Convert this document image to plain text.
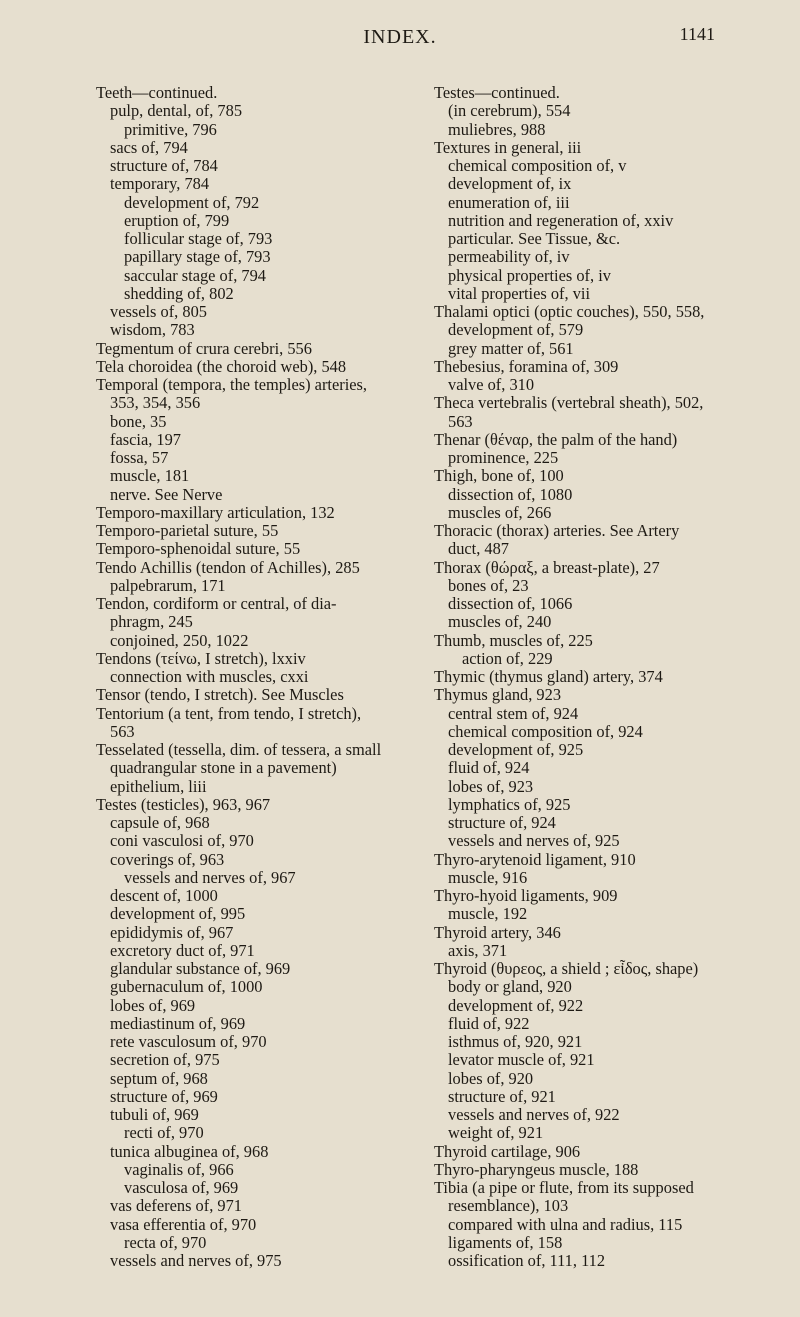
INDEX.	1141
Teeth—continued.
pulp, dental, of, 785
primitive, 796
sacs of, 794
structure of, 784
temporary, 784
development of, 792
eruption of, 799
follicular stage of, 793
papillary stage of, 793
saccular stage of, 794
shedding of, 802
vessels of, 805
wisdom, 783
Tegmentum of crura cerebri, 556
Tela choroidea (the choroid web), 548
Temporal (tempora, the temples) arteries,
353, 354, 356
bone, 35
fascia, 197
fossa, 57
muscle, 181
nerve. See Nerve
Temporo-maxillary articulation, 132
Temporo-parietal suture, 55
Temporo-sphenoidal suture, 55
Tendo Achillis (tendon of Achilles), 285
palpebrarum, 171
Tendon, cordiform or central, of dia-
phragm, 245
conjoined, 250, 1022
Tendons (τείνω, I stretch), lxxiv
connection with muscles, cxxi
Tensor (tendo, I stretch). See Muscles
Tentorium (a tent, from tendo, I stretch),
563
Tesselated (tessella, dim. of tessera, a small
quadrangular stone in a pavement)
epithelium, liii
Testes (testicles), 963, 967
capsule of, 968
coni vasculosi of, 970
coverings of, 963
vessels and nerves of, 967
descent of, 1000
development of, 995
epididymis of, 967
excretory duct of, 971
glandular substance of, 969
gubernaculum of, 1000
lobes of, 969
mediastinum of, 969
rete vasculosum of, 970
secretion of, 975
septum of, 968
structure of, 969
tubuli of, 969
recti of, 970
tunica albuginea of, 968
vaginalis of, 966
vasculosa of, 969
vas deferens of, 971
vasa efferentia of, 970
recta of, 970
vessels and nerves of, 975
Testes—continued.
(in cerebrum), 554
muliebres, 988
Textures in general, iii
chemical composition of, v
development of, ix
enumeration of, iii
nutrition and regeneration of, xxiv
particular. See Tissue, &c.
permeability of, iv
physical properties of, iv
vital properties of, vii
Thalami optici (optic couches), 550, 558,
development of, 579
grey matter of, 561
Thebesius, foramina of, 309
valve of, 310
Theca vertebralis (vertebral sheath), 502,
563
Thenar (θέναρ, the palm of the hand)
prominence, 225
Thigh, bone of, 100
dissection of, 1080
muscles of, 266
Thoracic (thorax) arteries. See Artery
duct, 487
Thorax (θώραξ, a breast-plate), 27
bones of, 23
dissection of, 1066
muscles of, 240
Thumb, muscles of, 225
action of, 229
Thymic (thymus gland) artery, 374
Thymus gland, 923
central stem of, 924
chemical composition of, 924
development of, 925
fluid of, 924
lobes of, 923
lymphatics of, 925
structure of, 924
vessels and nerves of, 925
Thyro-arytenoid ligament, 910
muscle, 916
Thyro-hyoid ligaments, 909
muscle, 192
Thyroid artery, 346
axis, 371
Thyroid (θυρεος, a shield ; εἶδος, shape)
body or gland, 920
development of, 922
fluid of, 922
isthmus of, 920, 921
levator muscle of, 921
lobes of, 920
structure of, 921
vessels and nerves of, 922
weight of, 921
Thyroid cartilage, 906
Thyro-pharyngeus muscle, 188
Tibia (a pipe or flute, from its supposed
resemblance), 103
compared with ulna and radius, 115
ligaments of, 158
ossification of, 111, 112
